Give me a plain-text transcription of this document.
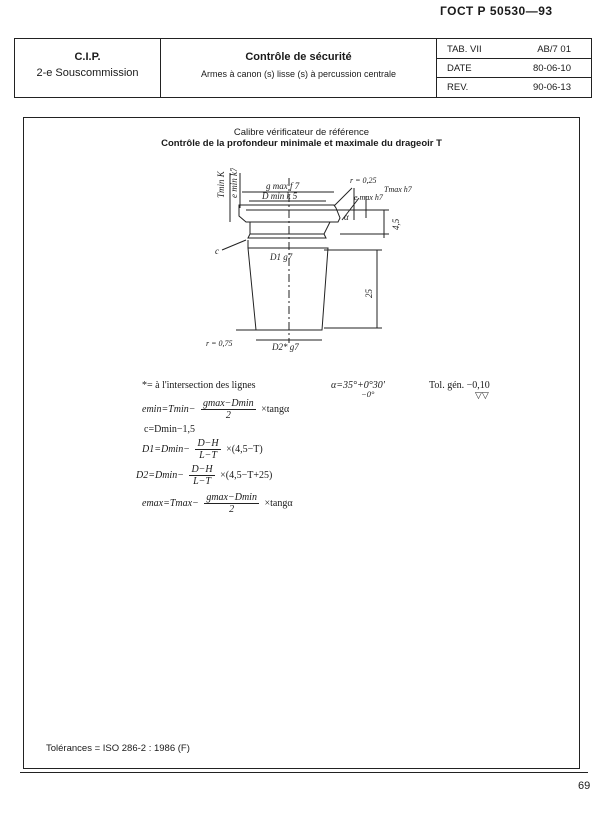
ГОСТ Р 50530—93
C.I.P.
2-e Souscommission
Contrôle de sécurité
Armes à canon (s) lisse (s) à percussion centrale
TAB. VII	AB/7 01
DATE	80-06-10
REV.	90-06-13
Calibre vérificateur de référence
Contrôle de la profondeur minimale et maximale du drageoir T
Tmin K e min k7	g max f 7
D min k 5
r = 0,25
Tmax h7
e max h7
α
4,5
c
D1 g7
25
r = 0,75	D2* g7
*= à l'intersection des lignes	α=35°+0°30′
−0°
Tol. gén. −0,10
▽▽
$emin=Tmin- \frac{gmax-Dmin}{2} \times\tan g\alpha$
c=Dmin−1,5
$D1=Dmin- \frac{D-H}{L-T} \times(4,5-T)$
$D2=Dmin- \frac{D-H}{L-T} \times(4,5-T+25)$
$emax=Tmax- \frac{gmax-Dmin}{2} \times\tan g\alpha$
Tolérances = ISO 286-2 : 1986 (F)
69
